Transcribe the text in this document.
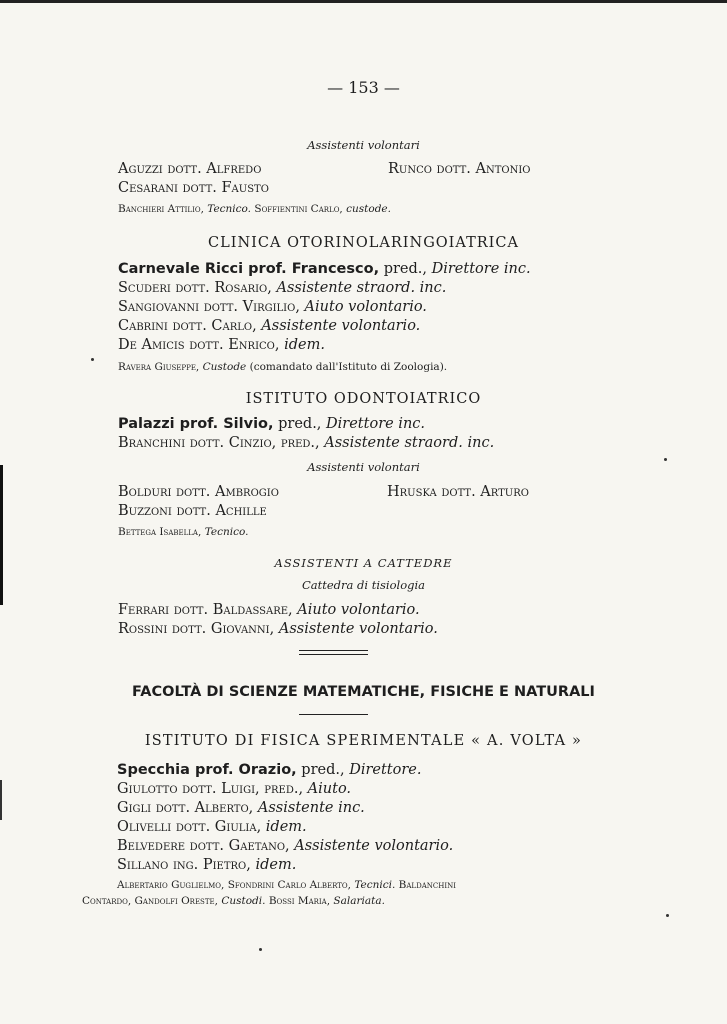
— 153 —
Assistenti volontari
Aguzzi dott. Alfredo	Runco dott. Antonio
Cesarani dott. Fausto
Banchieri Attilio, Tecnico. Soffientini Carlo, custode.
CLINICA OTORINOLARINGOIATRICA
Carnevale Ricci prof. Francesco, pred., Direttore inc.
Scuderi dott. Rosario, Assistente straord. inc.
Sangiovanni dott. Virgilio, Aiuto volontario.
Cabrini dott. Carlo, Assistente volontario.
De Amicis dott. Enrico, idem.
Ravera Giuseppe, Custode (comandato dall'Istituto di Zoologia).
ISTITUTO ODONTOIATRICO
Palazzi prof. Silvio, pred., Direttore inc.
Branchini dott. Cinzio, pred., Assistente straord. inc.
Assistenti volontari
Bolduri dott. Ambrogio	Hruska dott. Arturo
Buzzoni dott. Achille
Bettega Isabella, Tecnico.
ASSISTENTI A CATTEDRE
Cattedra di tisiologia
Ferrari dott. Baldassare, Aiuto volontario.
Rossini dott. Giovanni, Assistente volontario.
FACOLTÀ DI SCIENZE MATEMATICHE, FISICHE E NATURALI
ISTITUTO DI FISICA SPERIMENTALE « A. VOLTA »
Specchia prof. Orazio, pred., Direttore.
Giulotto dott. Luigi, pred., Aiuto.
Gigli dott. Alberto, Assistente inc.
Olivelli dott. Giulia, idem.
Belvedere dott. Gaetano, Assistente volontario.
Sillano ing. Pietro, idem.
Albertario Guglielmo, Sfondrini Carlo Alberto, Tecnici. Baldanchini
Contardo, Gandolfi Oreste, Custodi. Bossi Maria, Salariata.
